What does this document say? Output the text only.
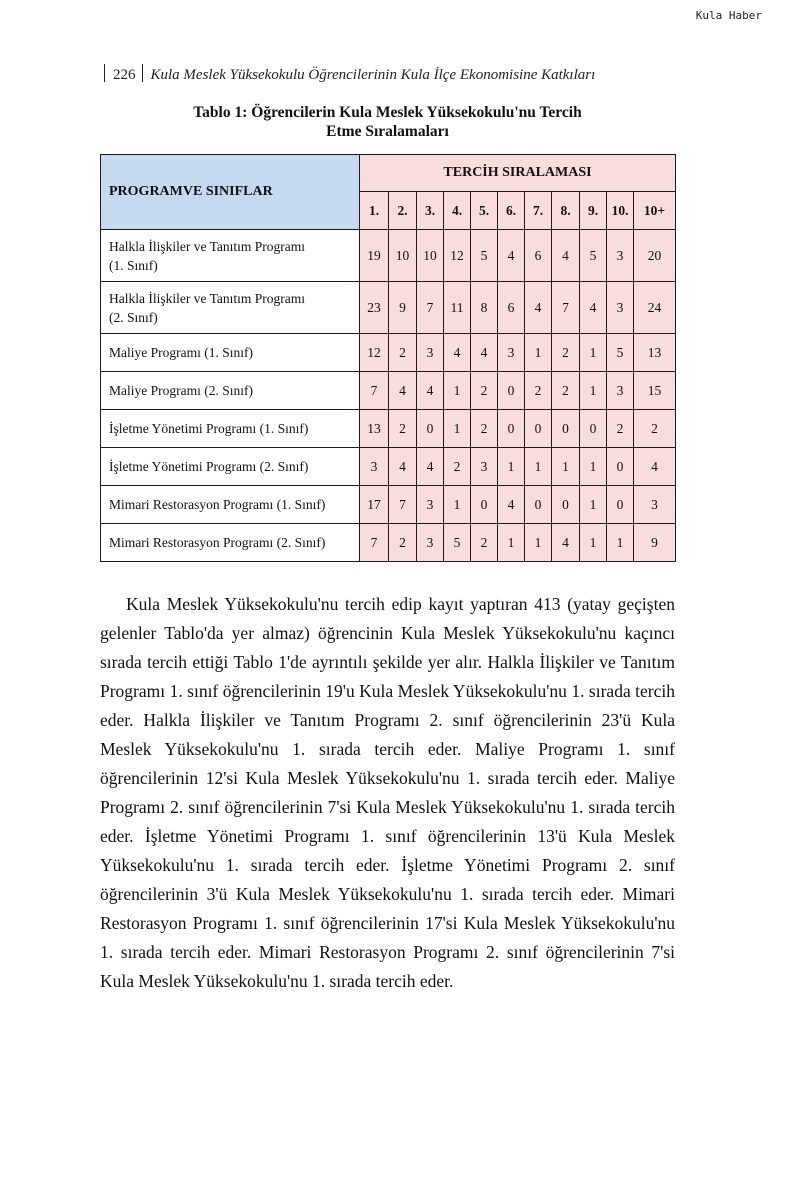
Kula Haber
226 Kula Meslek Yüksekokulu Öğrencilerinin Kula İlçe Ekonomisine Katkıları
Tablo 1: Öğrencilerin Kula Meslek Yüksekokulu'nu Tercih
Etme Sıralamaları
PROGRAMVE SINIFLAR	TERCİH SIRALAMASI										
	1.	2.	3.	4.	5.	6.	7.	8.	9.	10.	10+

Halkla İlişkiler ve Tanıtım Programı
(1. Sınıf)	19	10	10	12	5	4	6	4	5	3	20

Halkla İlişkiler ve Tanıtım Programı
(2. Sınıf)	23	9	7	11	8	6	4	7	4	3	24

Maliye Programı (1. Sınıf)	12	2	3	4	4	3	1	2	1	5	13

Maliye Programı (2. Sınıf)	7	4	4	1	2	0	2	2	1	3	15

İşletme Yönetimi Programı (1. Sınıf)	13	2	0	1	2	0	0	0	0	2	2

İşletme Yönetimi Programı (2. Sınıf)	3	4	4	2	3	1	1	1	1	0	4

Mimari Restorasyon Programı (1. Sınıf)	17	7	3	1	0	4	0	0	1	0	3

Mimari Restorasyon Programı (2. Sınıf)	7	2	3	5	2	1	1	4	1	1	9

Kula Meslek Yüksekokulu'nu tercih edip kayıt yaptıran 413 (yatay geçişten gelenler Tablo'da yer almaz) öğrencinin Kula Meslek Yüksekokulu'nu kaçıncı sırada tercih ettiği Tablo 1'de ayrıntılı şekilde yer alır. Halkla İlişkiler ve Tanıtım Programı 1. sınıf öğrencilerinin 19'u Kula Meslek Yüksekokulu'nu 1. sırada tercih eder. Halkla İlişkiler ve Tanıtım Programı 2. sınıf öğrencilerinin 23'ü Kula Meslek Yüksekokulu'nu 1. sırada tercih eder. Maliye Programı 1. sınıf öğrencilerinin 12'si Kula Meslek Yüksekokulu'nu 1. sırada tercih eder. Maliye Programı 2. sınıf öğrencilerinin 7'si Kula Meslek Yüksekokulu'nu 1. sırada tercih eder. İşletme Yönetimi Programı 1. sınıf öğrencilerinin 13'ü Kula Meslek Yüksekokulu'nu 1. sırada tercih eder. İşletme Yönetimi Programı 2. sınıf öğrencilerinin 3'ü Kula Meslek Yüksekokulu'nu 1. sırada tercih eder. Mimari Restorasyon Programı 1. sınıf öğrencilerinin 17'si Kula Meslek Yüksekokulu'nu 1. sırada tercih eder. Mimari Restorasyon Programı 2. sınıf öğrencilerinin 7'si Kula Meslek Yüksekokulu'nu 1. sırada tercih eder.
